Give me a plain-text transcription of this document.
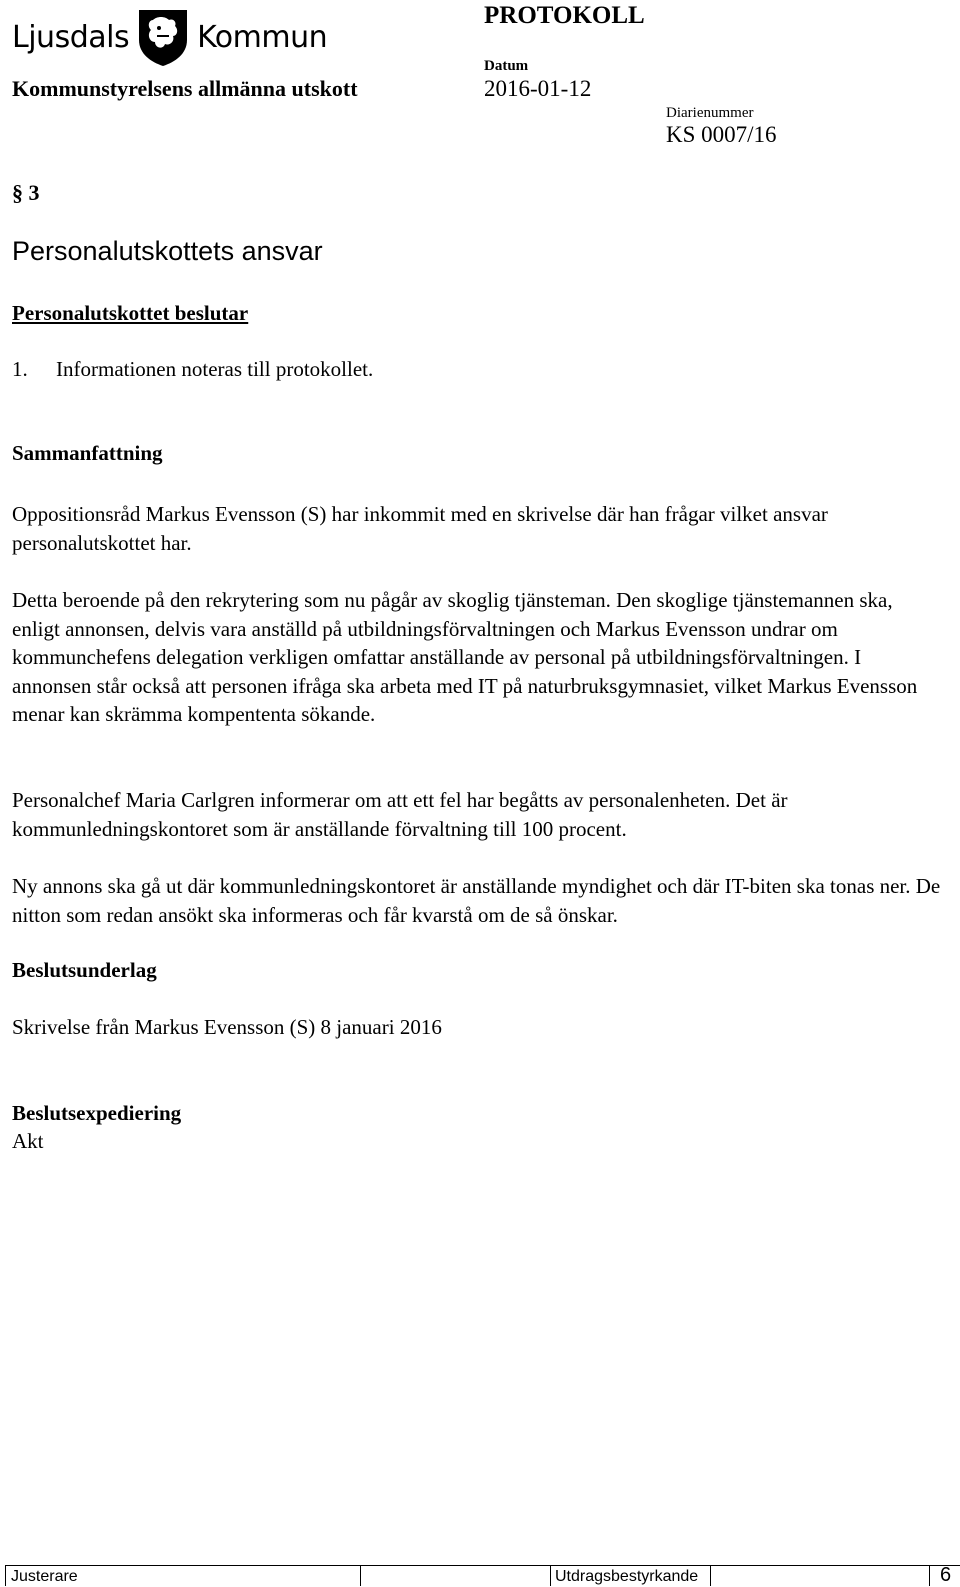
Ljusdals Kommun
PROTOKOLL
Kommunstyrelsens allmänna utskott
Datum
2016-01-12
Diarienummer
KS 0007/16
§ 3
Personalutskottets ansvar
Personalutskottet beslutar
1. Informationen noteras till protokollet.
Sammanfattning

Oppositionsråd Markus Evensson (S) har inkommit med en skrivelse där han frågar vilket ansvar personalutskottet har.

Detta beroende på den rekrytering som nu pågår av skoglig tjänsteman. Den skoglige tjänstemannen ska, enligt annonsen, delvis vara anställd på utbildningsförvaltningen och Markus Evensson undrar om kommunchefens delegation verkligen omfattar anställande av personal på utbildningsförvaltningen. I annonsen står också att personen ifråga ska arbeta med IT på naturbruksgymnasiet, vilket Markus Evensson menar kan skrämma kompententa sökande.

Personalchef Maria Carlgren informerar om att ett fel har begåtts av personalenheten. Det är kommunledningskontoret som är anställande förvaltning till 100 procent.

Ny annons ska gå ut där kommunledningskontoret är anställande myndighet och där IT-biten ska tonas ner. De nitton som redan ansökt ska informeras och får kvarstå om de så önskar.

Beslutsunderlag
Skrivelse från Markus Evensson (S) 8 januari 2016
Beslutsexpediering
Akt
Justerare	Utdragsbestyrkande	6
